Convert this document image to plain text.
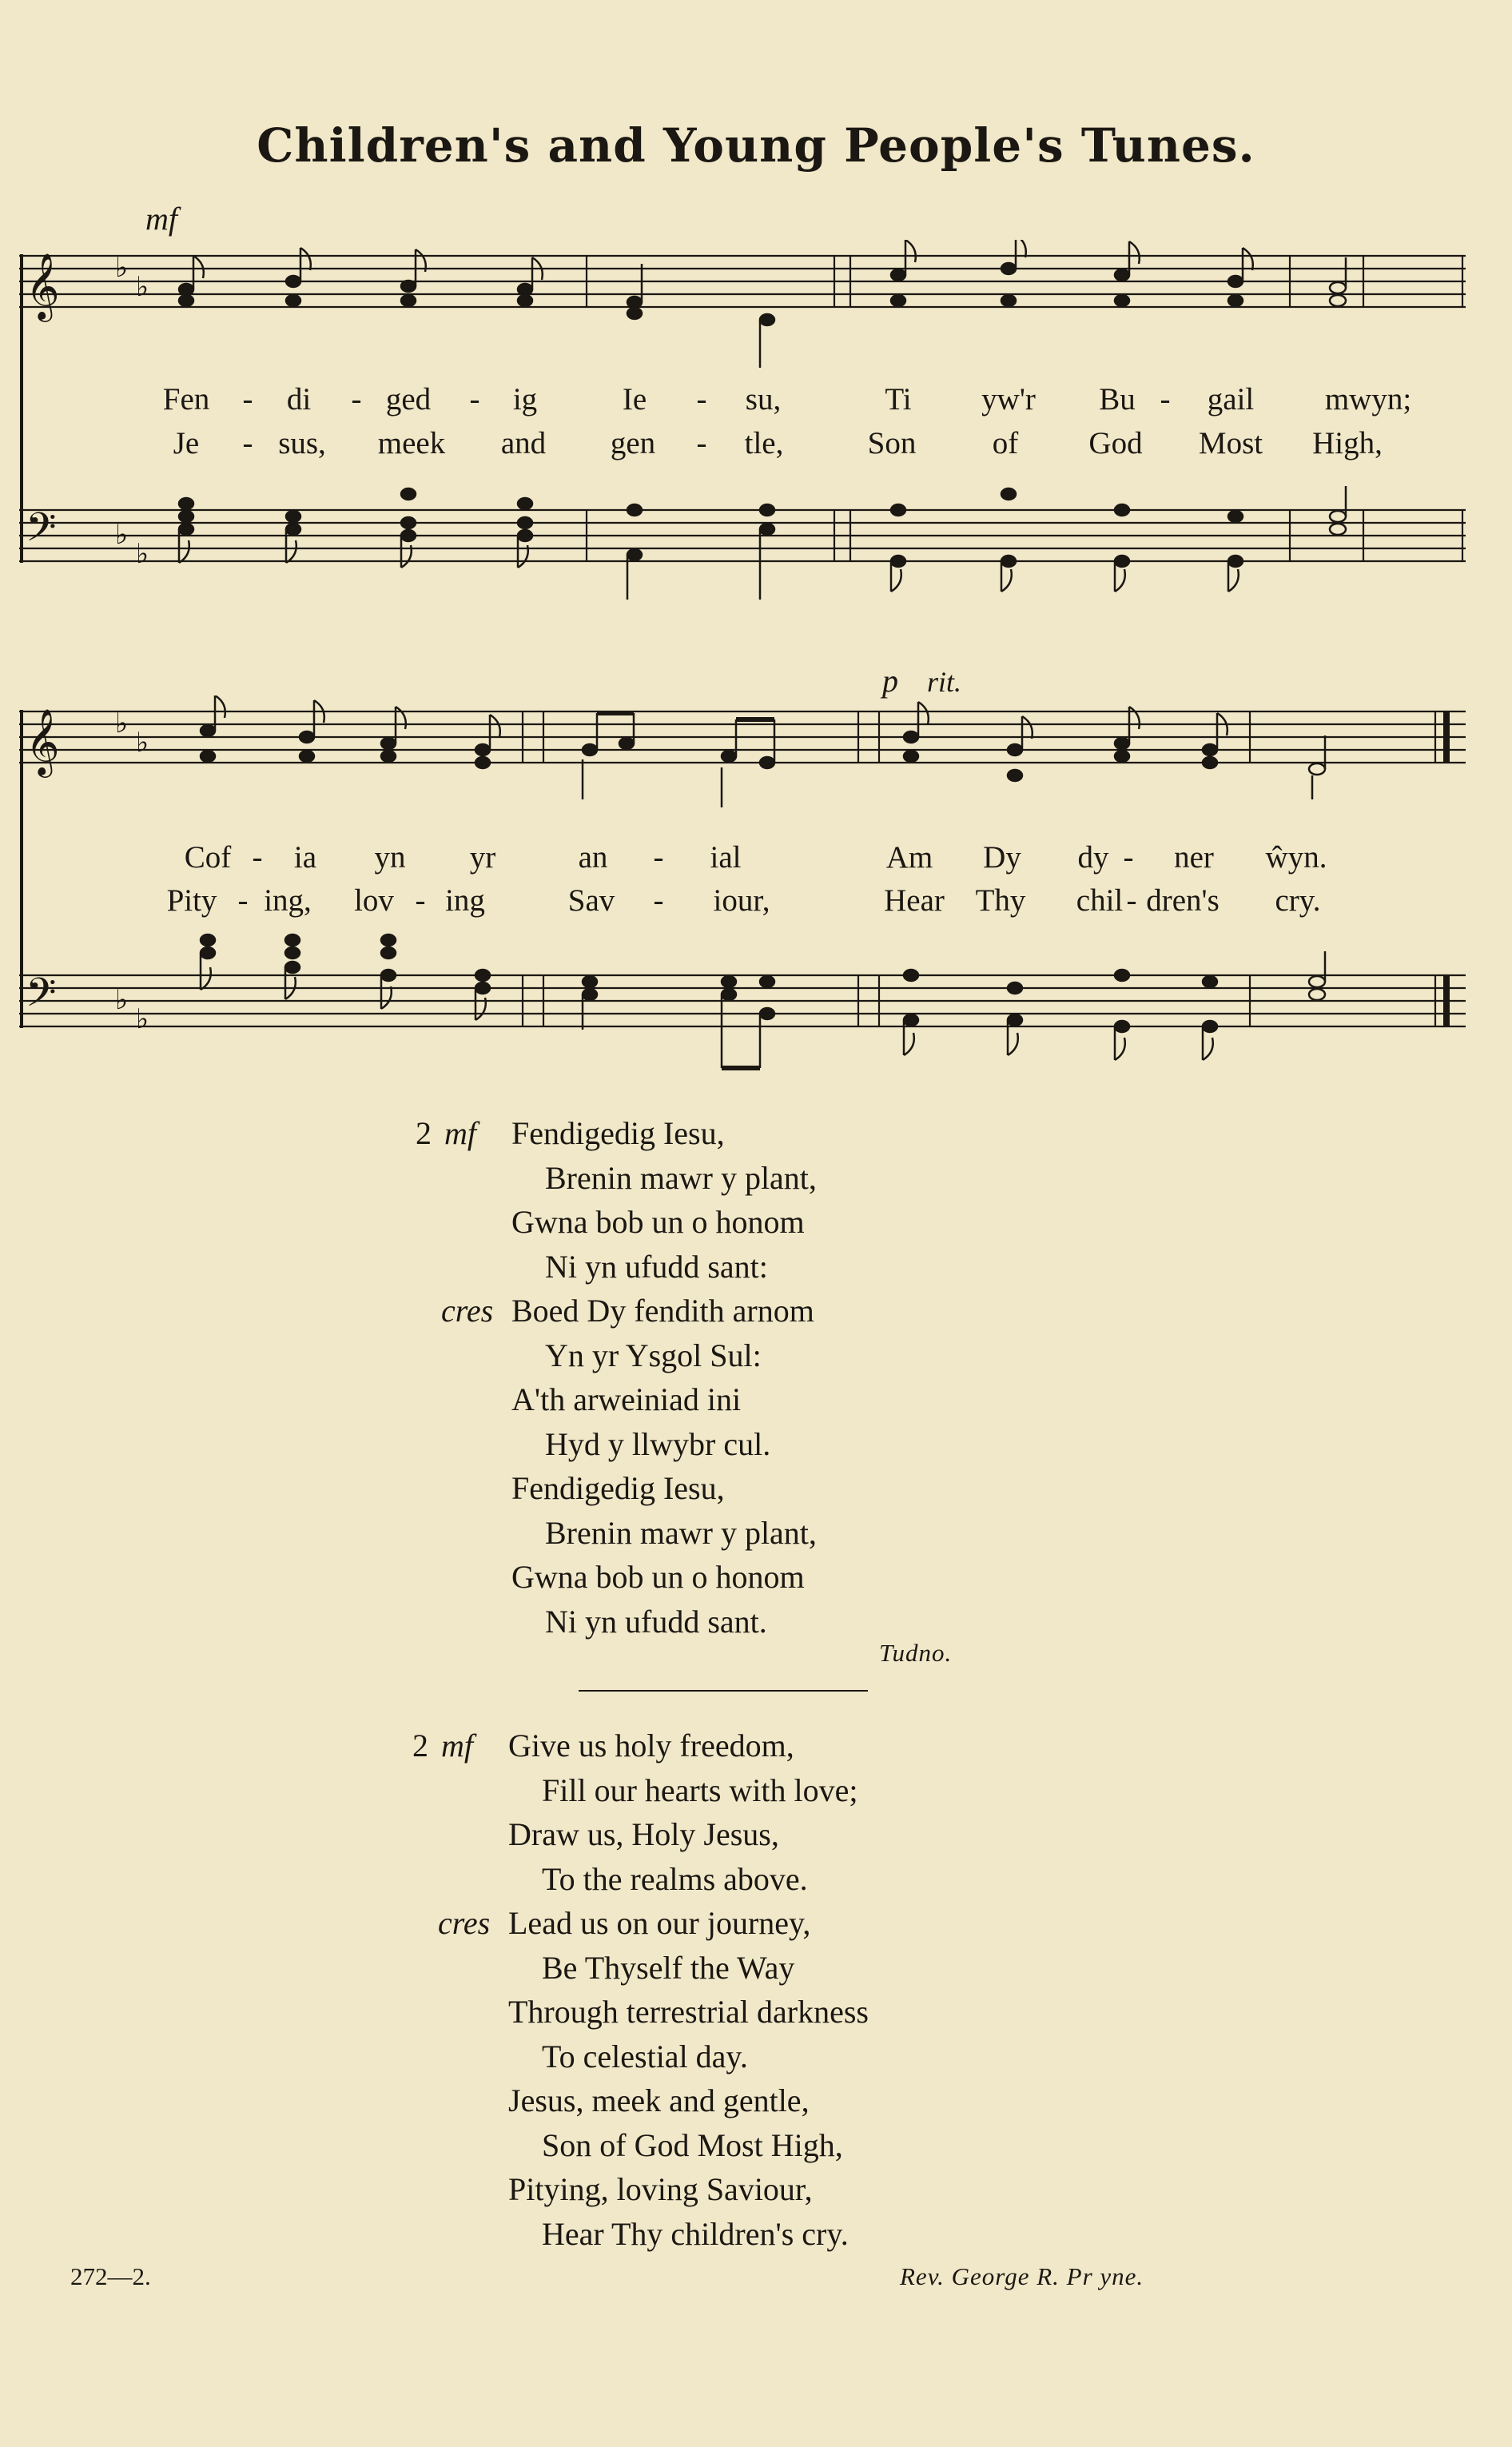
Children's and Young People's Tunes.
mf
𝄞 ♭
♭
𝄢 ♭
♭
Fen - di - ged - ig	Ie - su,	Ti yw'r Bu - gail mwyn;
Je - sus, meek and gen - tle,	Son of God Most High,
p rit.
𝄞 ♭
♭
𝄢 ♭
♭
Cof - ia yn yr	an - ial	Am Dy dy - ner ŵyn.
Pity - ing, lov - ing	Sav - iour,	Hear Thy chil - dren's cry.
2 mf Fendigedig Iesu,
Brenin mawr y plant,
Gwna bob un o honom
Ni yn ufudd sant:
cres Boed Dy fendith arnom
Yn yr Ysgol Sul:
A'th arweiniad ini
Hyd y llwybr cul.
Fendigedig Iesu,
Brenin mawr y plant,
Gwna bob un o honom
Ni yn ufudd sant.
Tudno.
2 mf Give us holy freedom,
Fill our hearts with love;
Draw us, Holy Jesus,
To the realms above.
cres Lead us on our journey,
Be Thyself the Way
Through terrestrial darkness
To celestial day.
Jesus, meek and gentle,
Son of God Most High,
Pitying, loving Saviour,
Hear Thy children's cry.
272—2.	Rev. George R. Pr yne.
